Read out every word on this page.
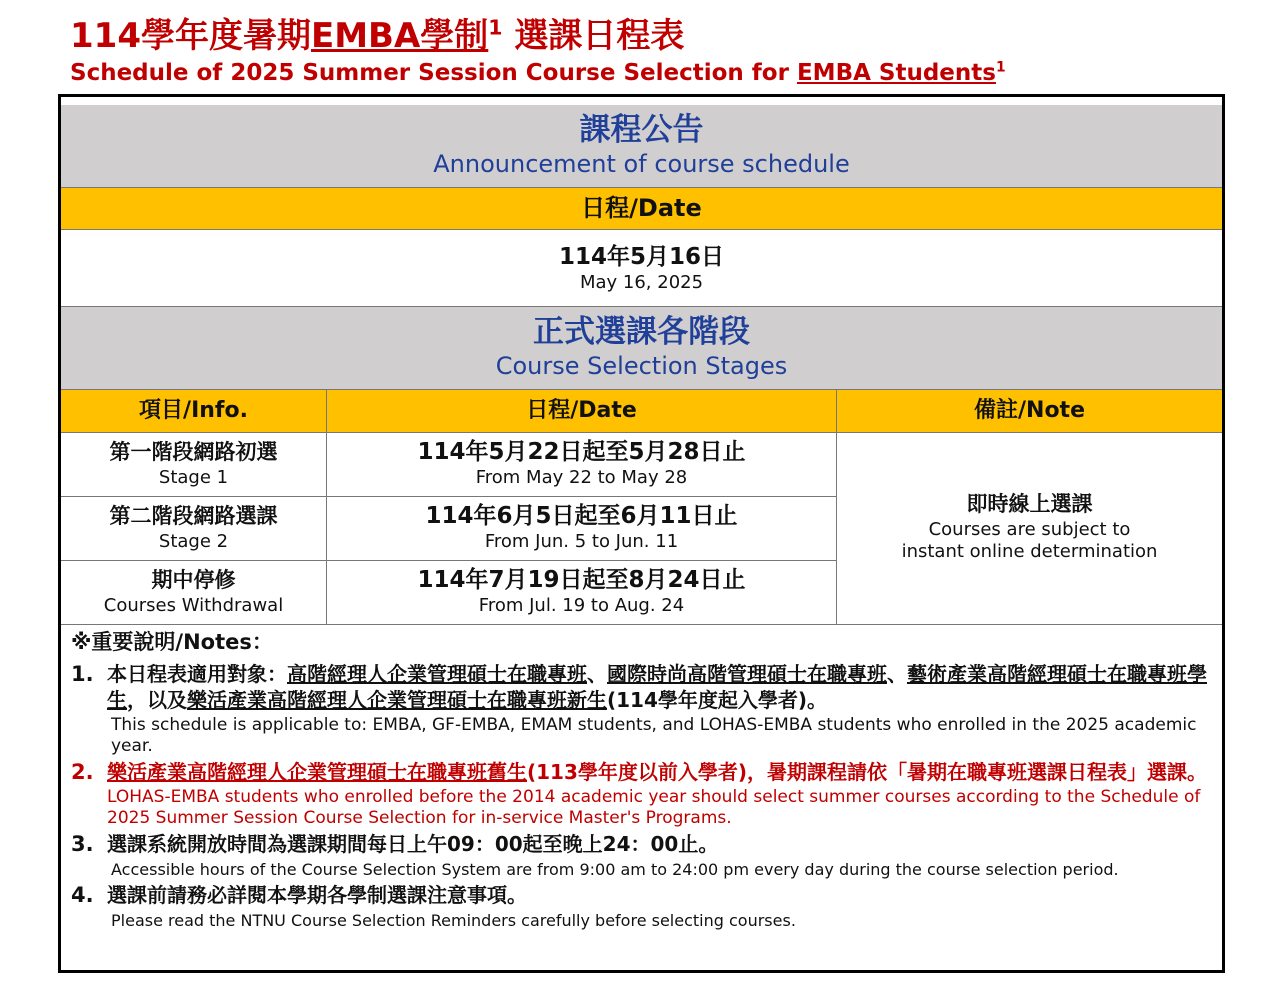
114學年度暑期EMBA學制$^1$ 選課日程表

Schedule of 2025 Summer Session Course Selection for EMBA Students$^1$

課程公告
Announcement of course schedule
日程/Date
114年5月16日
May 16, 2025
正式選課各階段
Course Selection Stages
項目/Info.	日程/Date	備註/Note
第一階段網路初選
Stage 1
114年5月22日起至5月28日止
From May 22 to May 28
第二階段網路選課
Stage 2
114年6月5日起至6月11日止
From Jun. 5 to Jun. 11
期中停修
Courses Withdrawal
114年7月19日起至8月24日止
From Jul. 19 to Aug. 24
即時線上選課
Courses are subject to
instant online determination

※重要說明/Notes：

1. 本日程表適用對象：高階經理人企業管理碩士在職專班、國際時尚高階管理碩士在職專班、藝術產業高階經理碩士在職專班學生，以及樂活產業高階經理人企業管理碩士在職專班新生(114學年度起入學者)。

This schedule is applicable to: EMBA, GF-EMBA, EMAM students, and LOHAS-EMBA students who enrolled in the 2025 academic year.

2. 樂活產業高階經理人企業管理碩士在職專班舊生(113學年度以前入學者)，暑期課程請依「暑期在職專班選課日程表」選課。

LOHAS-EMBA students who enrolled before the 2014 academic year should select summer courses according to the Schedule of 2025 Summer Session Course Selection for in-service Master's Programs.

3. 選課系統開放時間為選課期間每日上午09：00起至晚上24：00止。

Accessible hours of the Course Selection System are from 9:00 am to 24:00 pm every day during the course selection period.

4. 選課前請務必詳閱本學期各學制選課注意事項。

Please read the NTNU Course Selection Reminders carefully before selecting courses.
